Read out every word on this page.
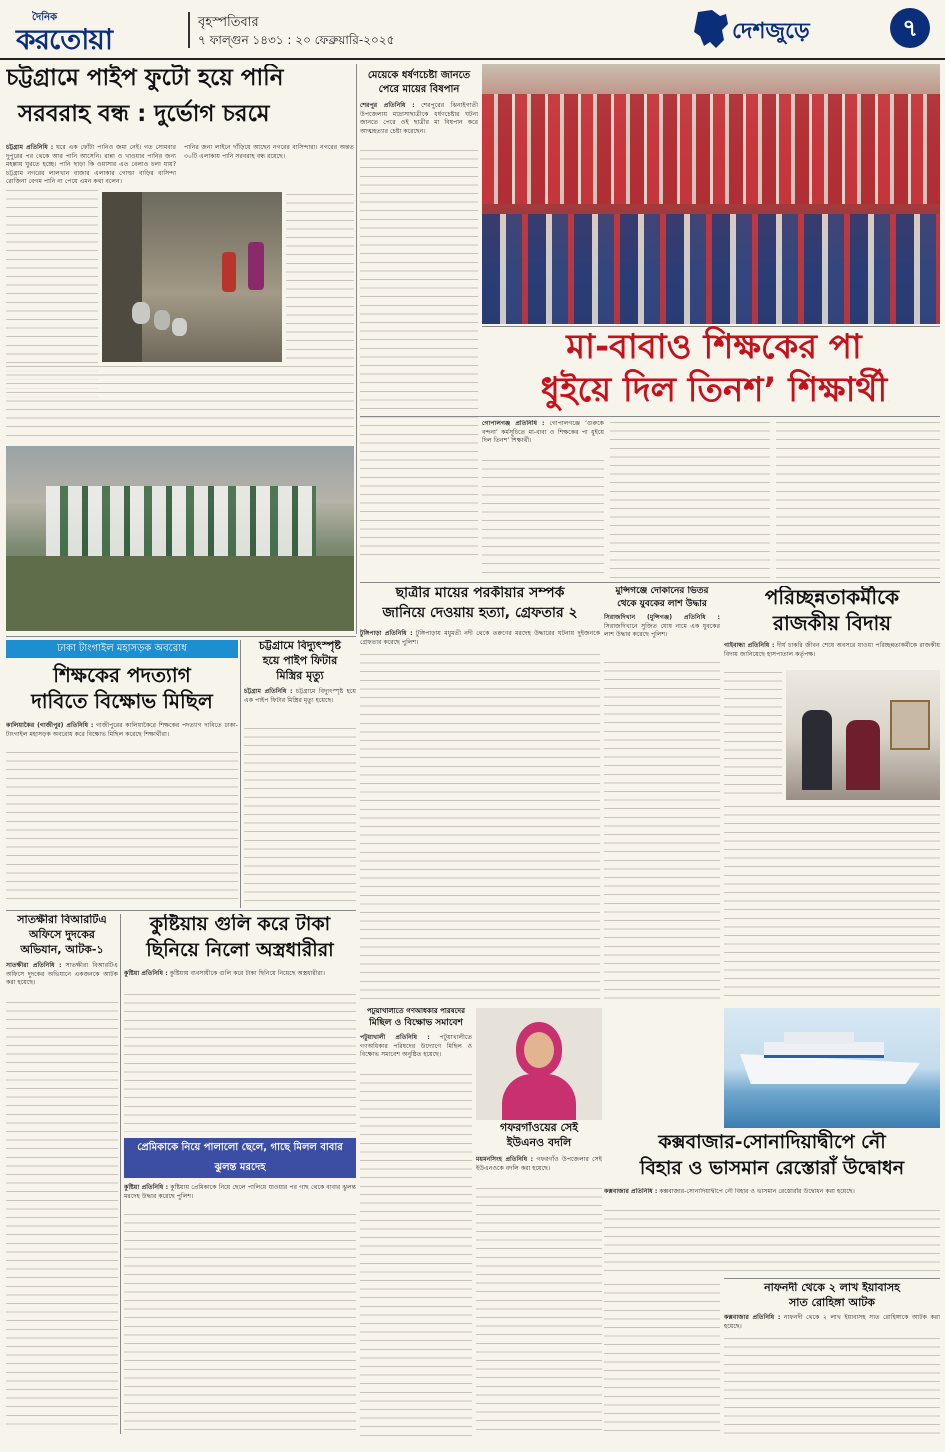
দৈনিক
করতোয়া
বৃহস্পতিবার
৭ ফাল্গুন ১৪৩১ : ২০ ফেব্রুয়ারি-২০২৫	দেশজুড়ে	৭
চট্টগ্রামে পাইপ ফুটো হয়ে পানি
সরবরাহ বন্ধ : দুর্ভোগ চরমে
চট্টগ্রাম প্রতিনিধি : ঘরে এক ফোঁটা পানিও জমা নেই। গত সোমবার দুপুরের পর থেকে আর পানি আসেনি। রান্না ও খাওয়ার পানির জন্য মহল্লায় ঘুরতে হচ্ছে। পানি ছাড়া কি ওয়াসার এত বেলাও চলা যায়? চট্টগ্রাম নগরের লালখান বাজার এলাকার গোল্ডা বাড়ির বাসিন্দা রোজিনা বেগম পানি না পেয়ে এমন কথা বলেন।
পানির জন্য লাইনে দাঁড়িয়ে আছেন নগরের বাসিন্দারা। নগরের অন্তত ৩০টি এলাকায় পানি সরবরাহ বন্ধ রয়েছে।
মেয়েকে ধর্ষণচেষ্টা জানতে
পেরে মায়ের বিষপান
শেরপুর প্রতিনিধি : শেরপুরের ঝিনাইগাতী উপজেলায় মাদ্রাসাছাত্রীকে ধর্ষণচেষ্টার ঘটনা জানতে পেরে ওই ছাত্রীর মা বিষপান করে আত্মহত্যার চেষ্টা করেছেন।
মা-বাবাও শিক্ষকের পা
ধুইয়ে দিল তিনশ’ শিক্ষার্থী
গোপালগঞ্জ প্রতিনিধি : গোপালগঞ্জে ‘গুরুকে বন্দনা’ কর্মসূচিতে মা-বাবা ও শিক্ষকের পা ধুইয়ে দিল তিনশ’ শিক্ষার্থী।
ছাত্রীর মায়ের পরকীয়ার সম্পর্ক
জানিয়ে দেওয়ায় হত্যা, গ্রেফতার ২
টুঙ্গিপাড়া প্রতিনিধি : টুঙ্গিপাড়ায় মধুমতী নদী থেকে তরুণের মরদেহ উদ্ধারের ঘটনায় দুইজনকে গ্রেফতার করেছে পুলিশ।
মুন্সিগঞ্জে দোকানের ভিতর
থেকে যুবকের লাশ উদ্ধার
সিরাজদিখান (মুন্সিগঞ্জ) প্রতিনিধি : সিরাজদিখানে সুজিত ঘোষ নামে এক যুবকের লাশ উদ্ধার করেছে পুলিশ।
পরিচ্ছন্নতাকর্মীকে
রাজকীয় বিদায়
গাইবান্ধা প্রতিনিধি : দীর্ঘ চাকরি জীবন শেষে অবসরে যাওয়া পরিচ্ছন্নতাকর্মীকে রাজকীয় বিদায় জানিয়েছে হাসপাতাল কর্তৃপক্ষ।
ঢাকা টাংগাইল মহাসড়ক অবরোধ
শিক্ষকের পদত্যাগ
দাবিতে বিক্ষোভ মিছিল
কালিয়াকৈর (গাজীপুর) প্রতিনিধি : গাজীপুরের কালিয়াকৈরে শিক্ষকের পদত্যাগ দাবিতে ঢাকা-টাংগাইল মহাসড়ক অবরোধ করে বিক্ষোভ মিছিল করেছে শিক্ষার্থীরা।
চট্টগ্রামে বিদ্যুৎস্পৃষ্ট
হয়ে পাইপ ফিটার
মিস্ত্রির মৃত্যু
চট্টগ্রাম প্রতিনিধি : চট্টগ্রামে বিদ্যুৎস্পৃষ্ট হয়ে এক পাইপ ফিটার মিস্ত্রির মৃত্যু হয়েছে।
সাতক্ষীরা বিআরটিএ
অফিসে দুদকের
অভিযান, আটক-১
সাতক্ষীরা প্রতিনিধি : সাতক্ষীরা বিআরটিএ অফিসে দুদকের অভিযানে একজনকে আটক করা হয়েছে।
কুষ্টিয়ায় গুলি করে টাকা
ছিনিয়ে নিলো অস্ত্রধারীরা
কুষ্টিয়া প্রতিনিধি : কুষ্টিয়ায় ব্যবসায়ীকে গুলি করে টাকা ছিনিয়ে নিয়েছে অস্ত্রধারীরা।
পটুয়াখালীতে গণঅধিকার পরিষদের
মিছিল ও বিক্ষোভ সমাবেশ
পটুয়াখালী প্রতিনিধি : পটুয়াখালীতে গণঅধিকার পরিষদের উদ্যোগে মিছিল ও বিক্ষোভ সমাবেশ অনুষ্ঠিত হয়েছে।
গফরগাঁওয়ের সেই
ইউএনও বদলি
ময়মনসিংহ প্রতিনিধি : গফরগাঁও উপজেলার সেই ইউএনওকে বদলি করা হয়েছে।
কক্সবাজার-সোনাদিয়াদ্বীপে নৌ
বিহার ও ভাসমান রেস্তোরাঁ উদ্বোধন
কক্সবাজার প্রতিনিধি : কক্সবাজার-সোনাদিয়াদ্বীপে নৌ বিহার ও ভাসমান রেস্তোরাঁর উদ্বোধন করা হয়েছে।
নাফনদী থেকে ২ লাখ ইয়াবাসহ
সাত রোহিঙ্গা আটক
কক্সবাজার প্রতিনিধি : নাফনদী থেকে ২ লাখ ইয়াবাসহ সাত রোহিঙ্গাকে আটক করা হয়েছে।
প্রেমিকাকে নিয়ে পালালো ছেলে, গাছে মিলল বাবার ঝুলন্ত মরদেহ
কুষ্টিয়া প্রতিনিধি : কুষ্টিয়ায় প্রেমিকাকে নিয়ে ছেলে পালিয়ে যাওয়ার পর গাছ থেকে বাবার ঝুলন্ত মরদেহ উদ্ধার করেছে পুলিশ।
